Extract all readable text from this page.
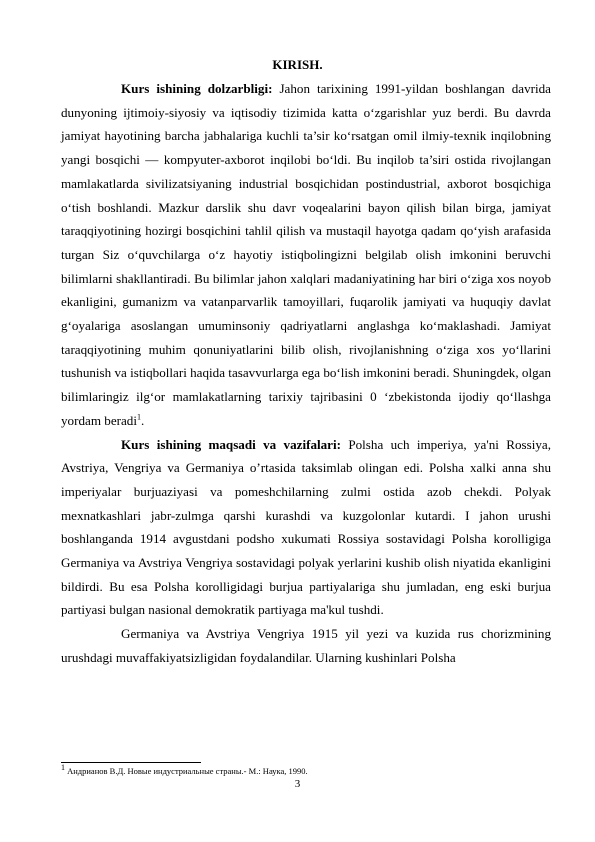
KIRISH.

Kurs ishining dolzarbligi: Jahon tarixining 1991-yildan boshlangan davrida dunyoning ijtimoiy-siyosiy va iqtisodiy tizimida katta o‘zgarishlar yuz berdi. Bu davrda jamiyat hayotining barcha jabhalariga kuchli ta’sir ko‘rsatgan omil ilmiy-texnik inqilobning yangi bosqichi — kompyuter-axborot inqilobi bo‘ldi. Bu inqilob ta’siri ostida rivojlangan mamlakatlarda sivilizatsiyaning industrial bosqichidan postindustrial, axborot bosqichiga o‘tish boshlandi. Mazkur darslik shu davr voqealarini bayon qilish bilan birga, jamiyat taraqqiyotining hozirgi bosqichini tahlil qilish va mustaqil hayotga qadam qo‘yish arafasida turgan Siz o‘quvchilarga o‘z hayotiy istiqbolingizni belgilab olish imkonini beruvchi bilimlarni shakllantiradi. Bu bilimlar jahon xalqlari madaniyatining har biri o‘ziga xos noyob ekanligini, gumanizm va vatanparvarlik tamoyillari, fuqarolik jamiyati va huquqiy davlat g‘oyalariga asoslangan umuminsoniy qadriyatlarni anglashga ko‘maklashadi. Jamiyat taraqqiyotining muhim qonuniyatlarini bilib olish, rivojlanishning o‘ziga xos yo‘llarini tushunish va istiqbollari haqida tasavvurlarga ega bo‘lish imkonini beradi. Shuningdek, olgan bilimlaringiz ilg‘or mamlakatlarning tarixiy tajribasini 0 ‘zbekistonda ijodiy qo‘llashga yordam beradi$^1$.

Kurs ishining maqsadi va vazifalari: Polsha uch imperiya, ya'ni Rossiya, Avstriya, Vengriya va Germaniya o’rtasida taksimlab olingan edi. Polsha xalki anna shu imperiyalar burjuaziyasi va pomeshchilarning zulmi ostida azob chekdi. Polyak mexnatkashlari jabr-zulmga qarshi kurashdi va kuzgolonlar kutardi. I jahon urushi boshlanganda 1914 avgustdani podsho xukumati Rossiya sostavidagi Polsha korolligiga Germaniya va Avstriya Vengriya sostavidagi polyak yerlarini kushib olish niyatida ekanligini bildirdi. Bu esa Polsha korolligidagi burjua partiyalariga shu jumladan, eng eski burjua partiyasi bulgan nasional demokratik partiyaga ma'kul tushdi.

Germaniya va Avstriya Vengriya 1915 yil yezi va kuzida rus chorizmining urushdagi muvaffakiyatsizligidan foydalandilar. Ularning kushinlari Polsha

$^1$ Андрианов В.Д. Новые индустриальные страны.- М.: Наука, 1990.
3
